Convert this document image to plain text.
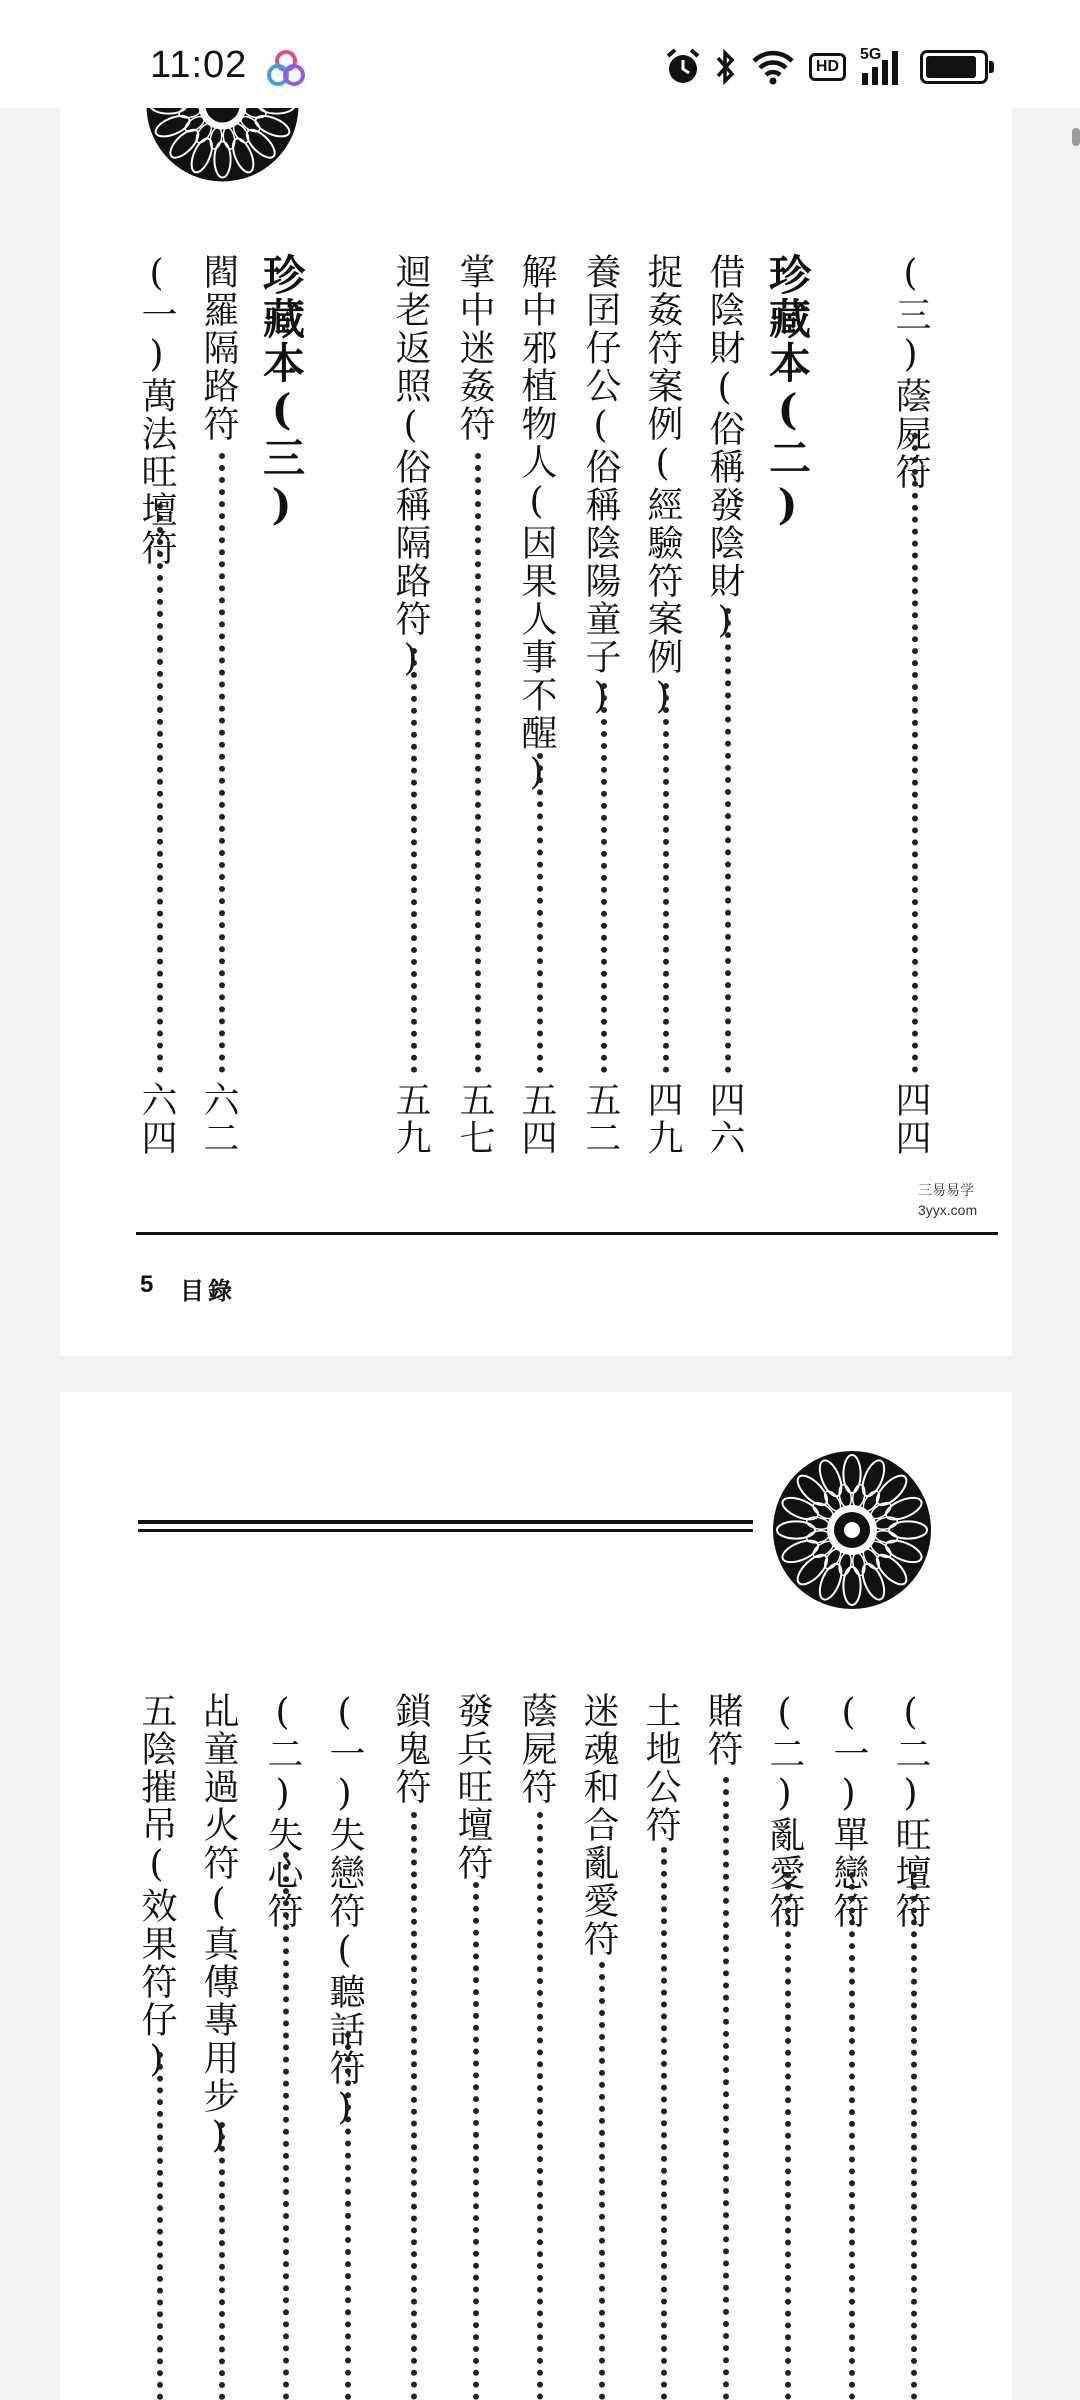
11:02	HD
5G
(三)蔭屍符
四四
珍藏本(二)
借陰財(俗稱發陰財)
四六
捉姦符案例(經驗符案例)
四九
養囝仔公(俗稱陰陽童子)
五二
解中邪植物人(因果人事不醒)
五四
掌中迷姦符
五七
迴老返照(俗稱隔路符)
五九
珍藏本(三)
閻羅隔路符
六二
(一)萬法旺壇符
六四
三易易学
3yyx.com
5 目錄
(二)旺壇符
(一)單戀符
(二)亂愛符
賭符
土地公符
迷魂和合亂愛符
蔭屍符
發兵旺壇符
鎖鬼符
(一)失戀符(聽話符)
(二)失心符
乩童過火符(真傳專用步)
五陰摧吊(效果符仔)
